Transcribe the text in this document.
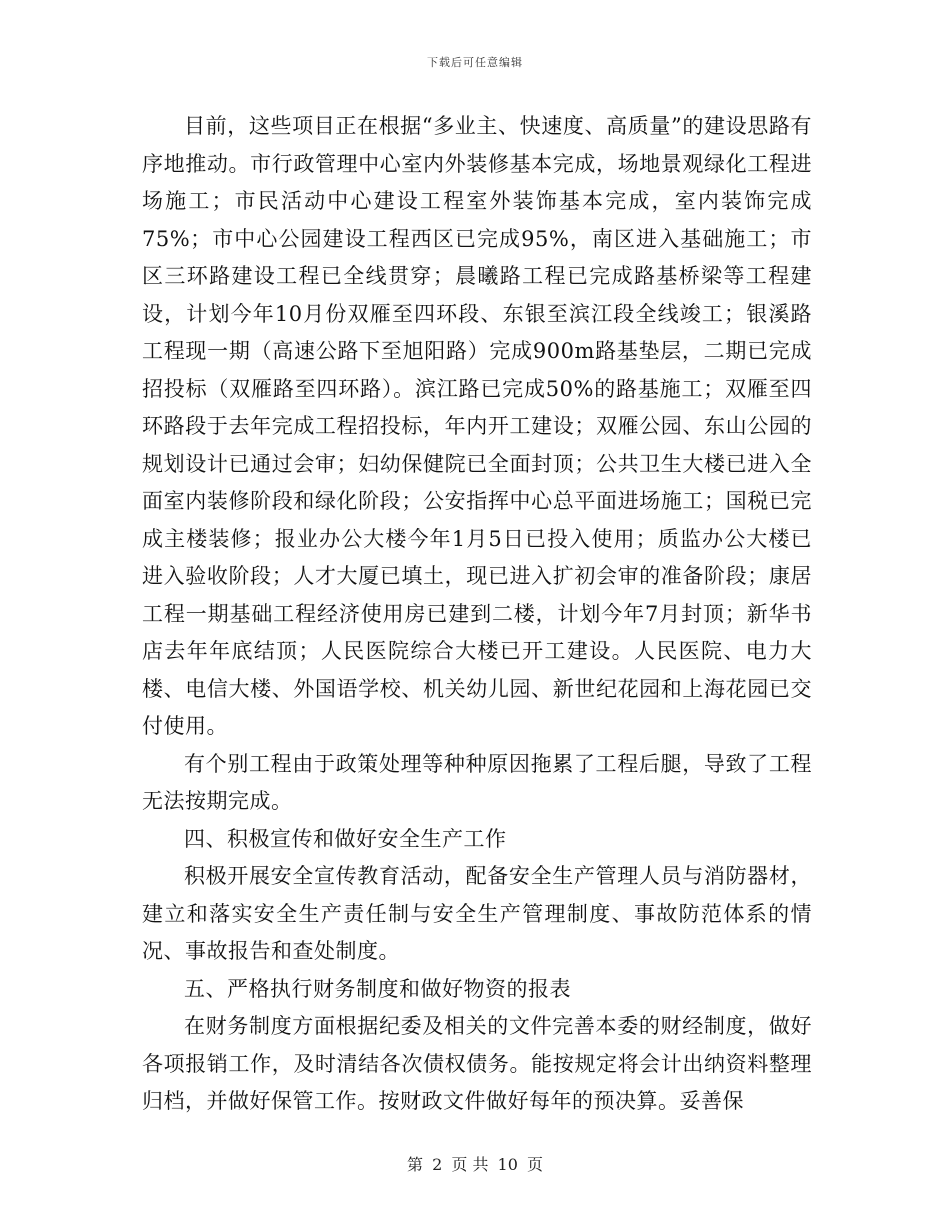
下载后可任意编辑

目前，这些项目正在根据“多业主、快速度、高质量”的建设思路有序地推动。市行政管理中心室内外装修基本完成，场地景观绿化工程进场施工；市民活动中心建设工程室外装饰基本完成，室内装饰完成75%；市中心公园建设工程西区已完成95%，南区进入基础施工；市区三环路建设工程已全线贯穿；晨曦路工程已完成路基桥梁等工程建设，计划今年10月份双雁至四环段、东银至滨江段全线竣工；银溪路工程现一期（高速公路下至旭阳路）完成900m路基垫层，二期已完成招投标（双雁路至四环路）。滨江路已完成50%的路基施工；双雁至四环路段于去年完成工程招投标，年内开工建设；双雁公园、东山公园的规划设计已通过会审；妇幼保健院已全面封顶；公共卫生大楼已进入全面室内装修阶段和绿化阶段；公安指挥中心总平面进场施工；国税已完成主楼装修；报业办公大楼今年1月5日已投入使用；质监办公大楼已进入验收阶段；人才大厦已填土，现已进入扩初会审的准备阶段；康居工程一期基础工程经济使用房已建到二楼，计划今年7月封顶；新华书店去年年底结顶；人民医院综合大楼已开工建设。人民医院、电力大楼、电信大楼、外国语学校、机关幼儿园、新世纪花园和上海花园已交付使用。

有个别工程由于政策处理等种种原因拖累了工程后腿，导致了工程无法按期完成。

四、积极宣传和做好安全生产工作

积极开展安全宣传教育活动，配备安全生产管理人员与消防器材，建立和落实安全生产责任制与安全生产管理制度、事故防范体系的情况、事故报告和查处制度。

五、严格执行财务制度和做好物资的报表

在财务制度方面根据纪委及相关的文件完善本委的财经制度，做好各项报销工作，及时清结各次债权债务。能按规定将会计出纳资料整理归档，并做好保管工作。按财政文件做好每年的预决算。妥善保

第 2 页 共 10 页
